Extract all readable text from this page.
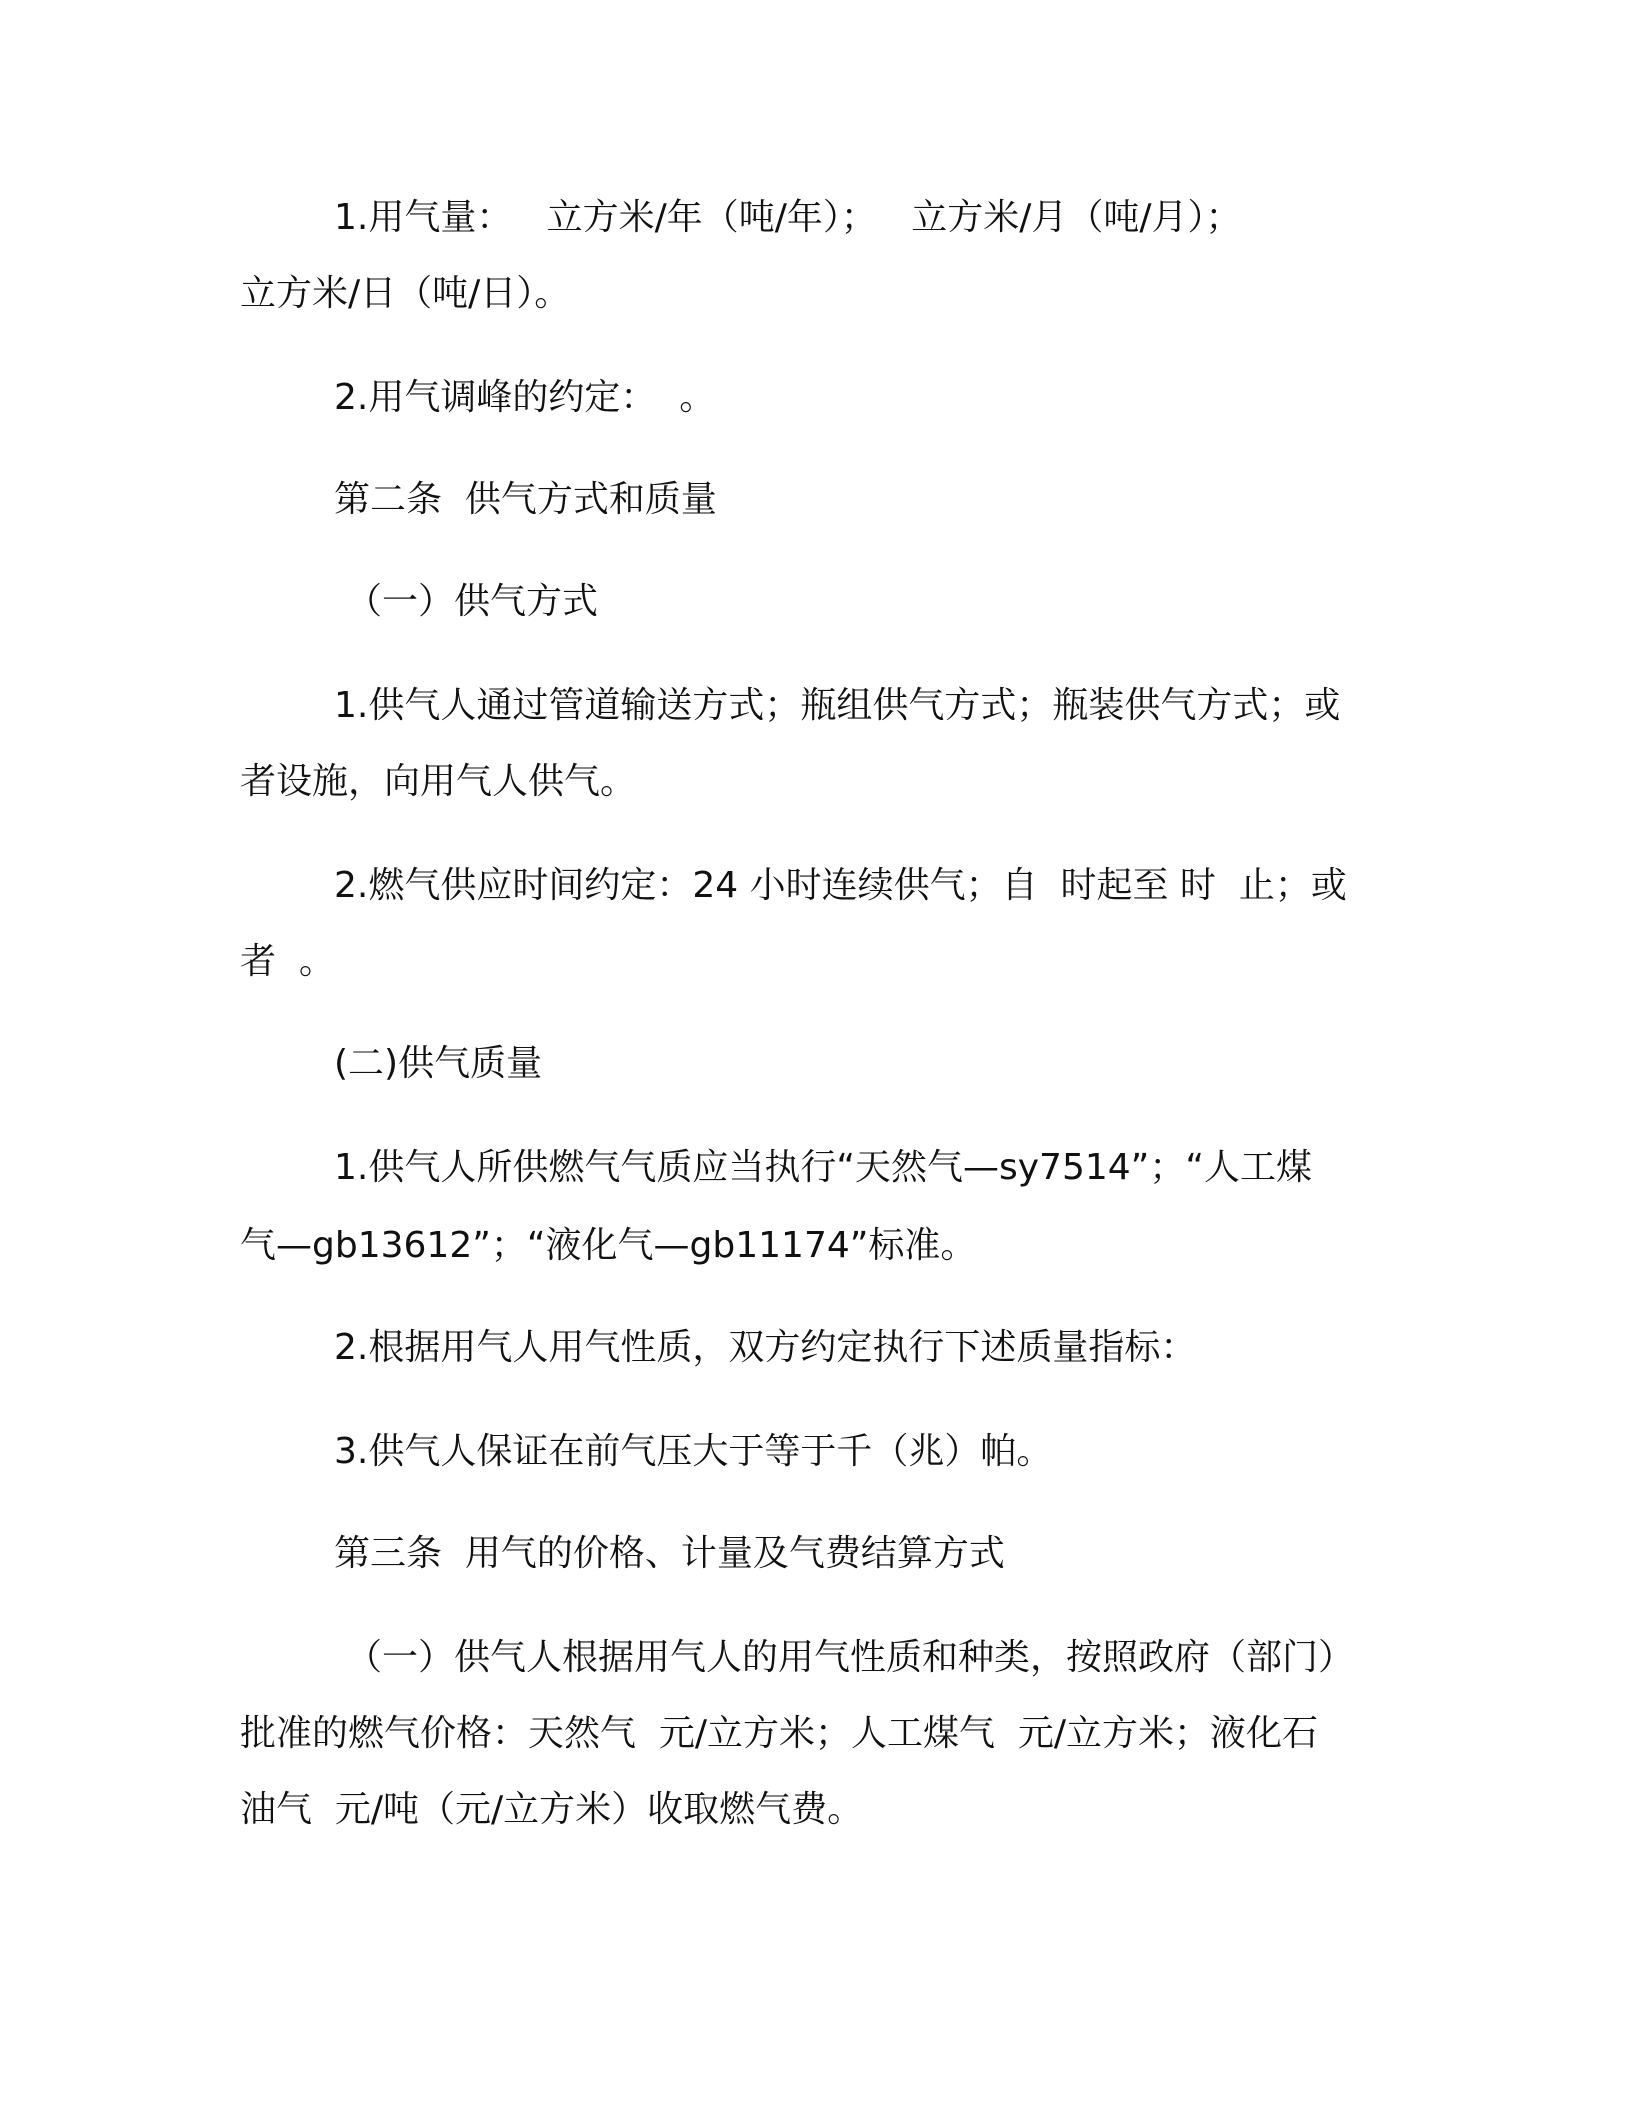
1.用气量：   立方米/年（吨/年）；   立方米/月（吨/月）；

立方米/日（吨/日）。

2.用气调峰的约定：  。

第二条  供气方式和质量

（一）供气方式

1.供气人通过管道输送方式；瓶组供气方式；瓶装供气方式；或

者设施，向用气人供气。

2.燃气供应时间约定：24 小时连续供气；自  时起至 时  止；或

者  。

(二)供气质量

1.供气人所供燃气气质应当执行“天然气—sy7514”；“人工煤

气—gb13612”；“液化气—gb11174”标准。

2.根据用气人用气性质，双方约定执行下述质量指标：

3.供气人保证在前气压大于等于千（兆）帕。

第三条  用气的价格、计量及气费结算方式

（一）供气人根据用气人的用气性质和种类，按照政府（部门）

批准的燃气价格：天然气  元/立方米；人工煤气  元/立方米；液化石

油气  元/吨（元/立方米）收取燃气费。
